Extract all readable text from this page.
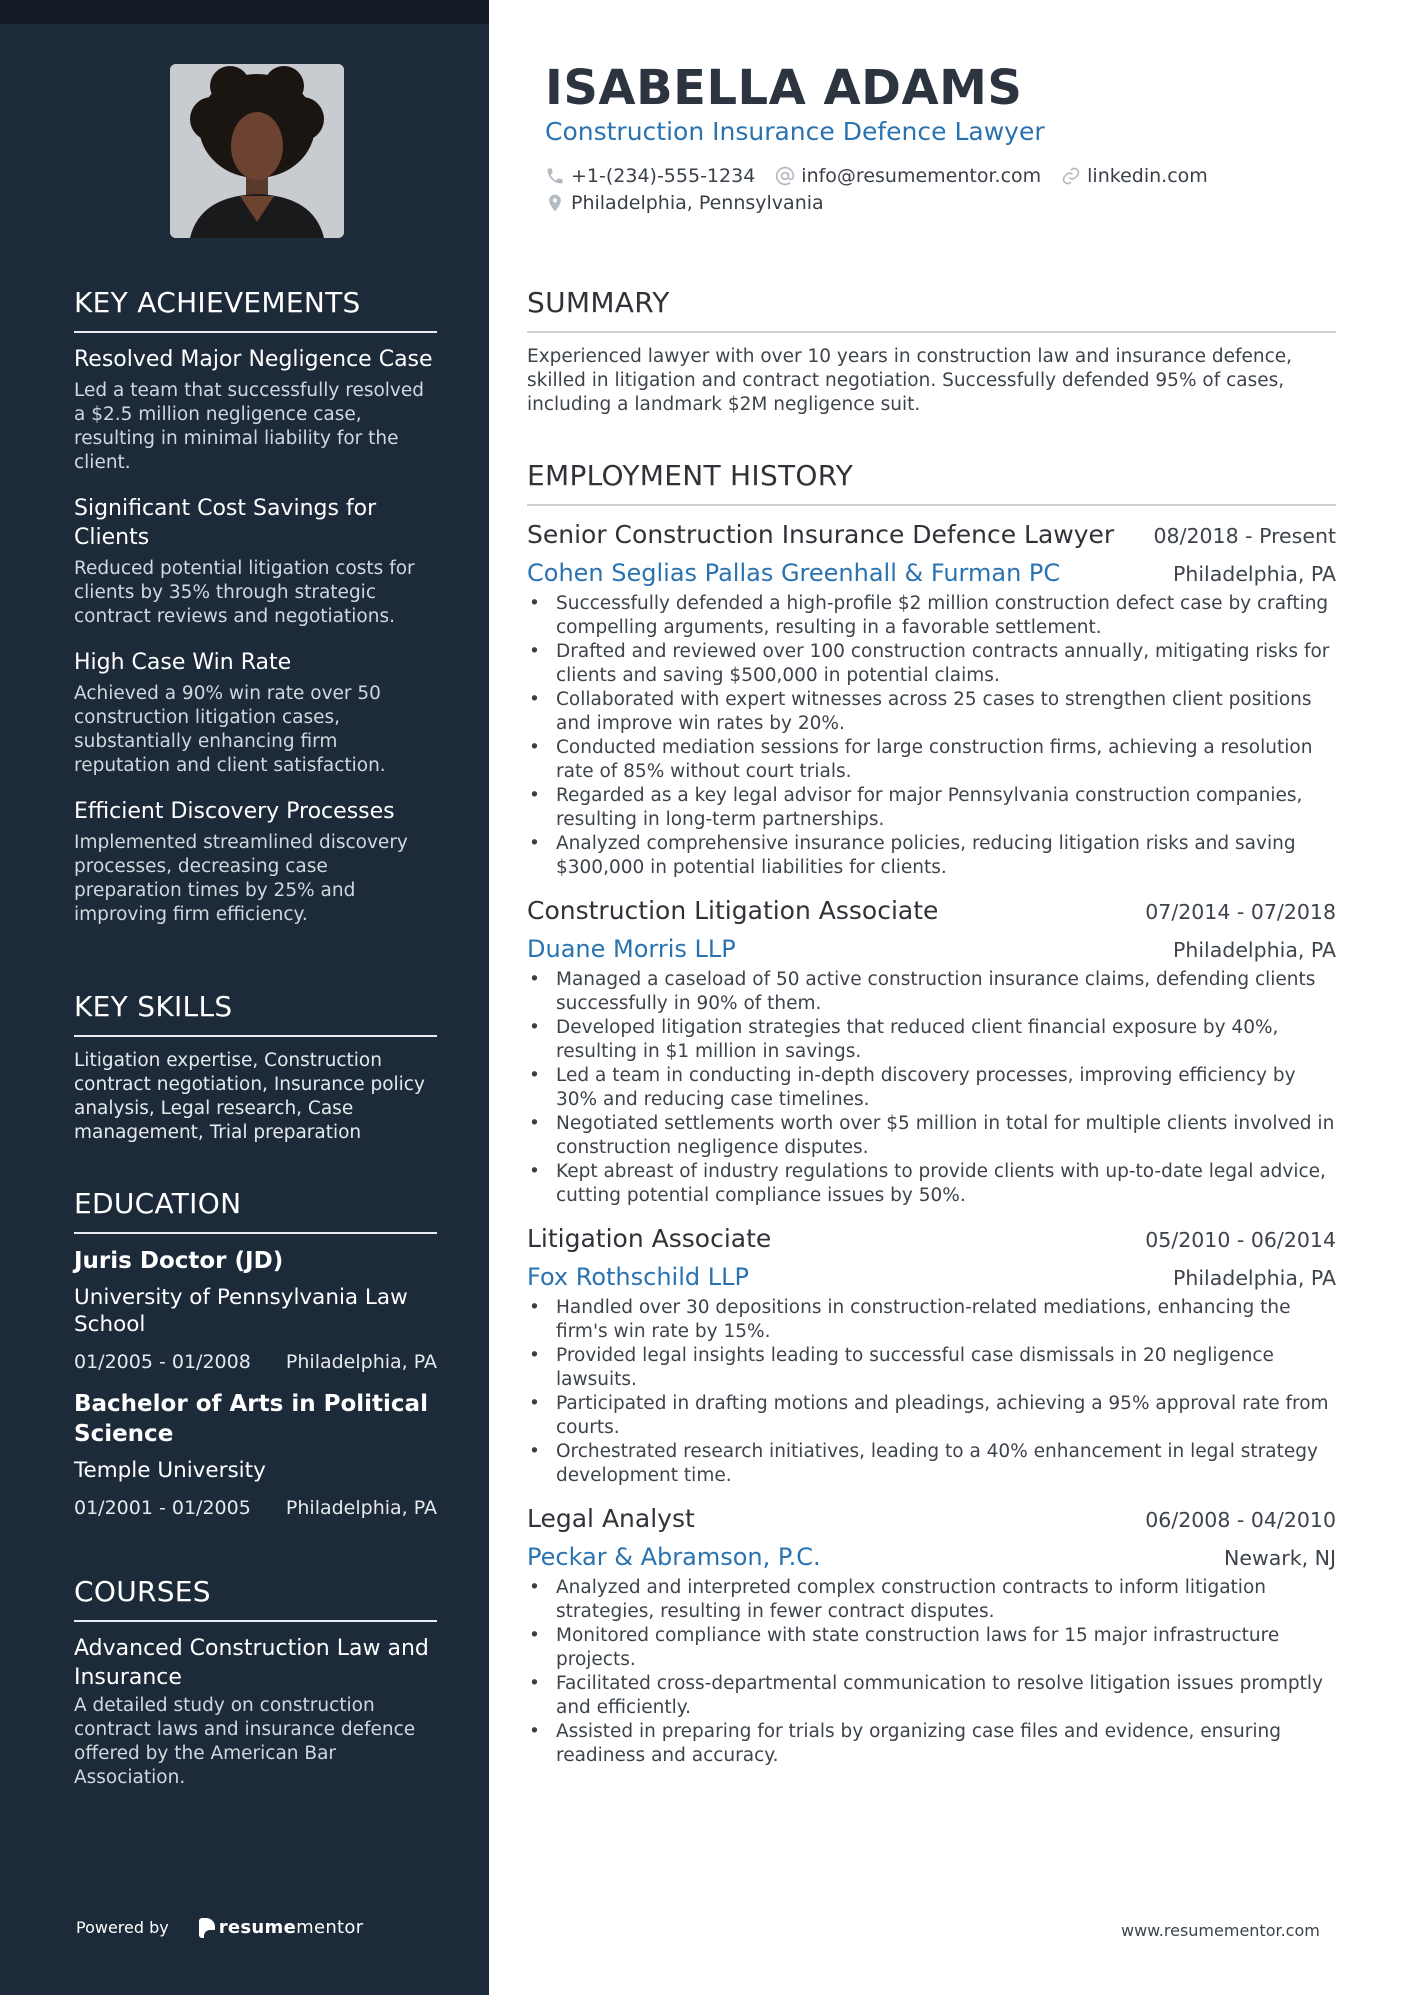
KEY ACHIEVEMENTS
Resolved Major Negligence Case
Led a team that successfully resolved a $2.5 million negligence case, resulting in minimal liability for the client.
Significant Cost Savings for Clients
Reduced potential litigation costs for clients by 35% through strategic contract reviews and negotiations.
High Case Win Rate
Achieved a 90% win rate over 50 construction litigation cases, substantially enhancing firm reputation and client satisfaction.
Efficient Discovery Processes
Implemented streamlined discovery processes, decreasing case preparation times by 25% and improving firm efficiency.
KEY SKILLS
Litigation expertise, Construction contract negotiation, Insurance policy analysis, Legal research, Case management, Trial preparation
EDUCATION
Juris Doctor (JD)
University of Pennsylvania Law School
01/2005 - 01/2008 Philadelphia, PA
Bachelor of Arts in Political Science
Temple University
01/2001 - 01/2005 Philadelphia, PA
COURSES
Advanced Construction Law and Insurance
A detailed study on construction contract laws and insurance defence offered by the American Bar Association.
Powered by	resumementor
ISABELLA ADAMS
Construction Insurance Defence Lawyer
+1-(234)-555-1234 info@resumementor.com linkedin.com
Philadelphia, Pennsylvania
SUMMARY
Experienced lawyer with over 10 years in construction law and insurance defence, skilled in litigation and contract negotiation. Successfully defended 95% of cases, including a landmark $2M negligence suit.
EMPLOYMENT HISTORY
Senior Construction Insurance Defence Lawyer 08/2018 - Present
Cohen Seglias Pallas Greenhall & Furman PC	Philadelphia, PA
• Successfully defended a high-profile $2 million construction defect case by crafting compelling arguments, resulting in a favorable settlement.
• Drafted and reviewed over 100 construction contracts annually, mitigating risks for clients and saving $500,000 in potential claims.
• Collaborated with expert witnesses across 25 cases to strengthen client positions and improve win rates by 20%.
• Conducted mediation sessions for large construction firms, achieving a resolution rate of 85% without court trials.
• Regarded as a key legal advisor for major Pennsylvania construction companies, resulting in long-term partnerships.
• Analyzed comprehensive insurance policies, reducing litigation risks and saving $300,000 in potential liabilities for clients.
Construction Litigation Associate	07/2014 - 07/2018
Duane Morris LLP	Philadelphia, PA
• Managed a caseload of 50 active construction insurance claims, defending clients successfully in 90% of them.
• Developed litigation strategies that reduced client financial exposure by 40%, resulting in $1 million in savings.
• Led a team in conducting in-depth discovery processes, improving efficiency by 30% and reducing case timelines.
• Negotiated settlements worth over $5 million in total for multiple clients involved in construction negligence disputes.
• Kept abreast of industry regulations to provide clients with up-to-date legal advice, cutting potential compliance issues by 50%.
Litigation Associate	05/2010 - 06/2014
Fox Rothschild LLP	Philadelphia, PA
• Handled over 30 depositions in construction-related mediations, enhancing the firm's win rate by 15%.
• Provided legal insights leading to successful case dismissals in 20 negligence lawsuits.
• Participated in drafting motions and pleadings, achieving a 95% approval rate from courts.
• Orchestrated research initiatives, leading to a 40% enhancement in legal strategy development time.
Legal Analyst	06/2008 - 04/2010
Peckar & Abramson, P.C.	Newark, NJ
• Analyzed and interpreted complex construction contracts to inform litigation strategies, resulting in fewer contract disputes.
• Monitored compliance with state construction laws for 15 major infrastructure projects.
• Facilitated cross-departmental communication to resolve litigation issues promptly and efficiently.
• Assisted in preparing for trials by organizing case files and evidence, ensuring readiness and accuracy.
www.resumementor.com
